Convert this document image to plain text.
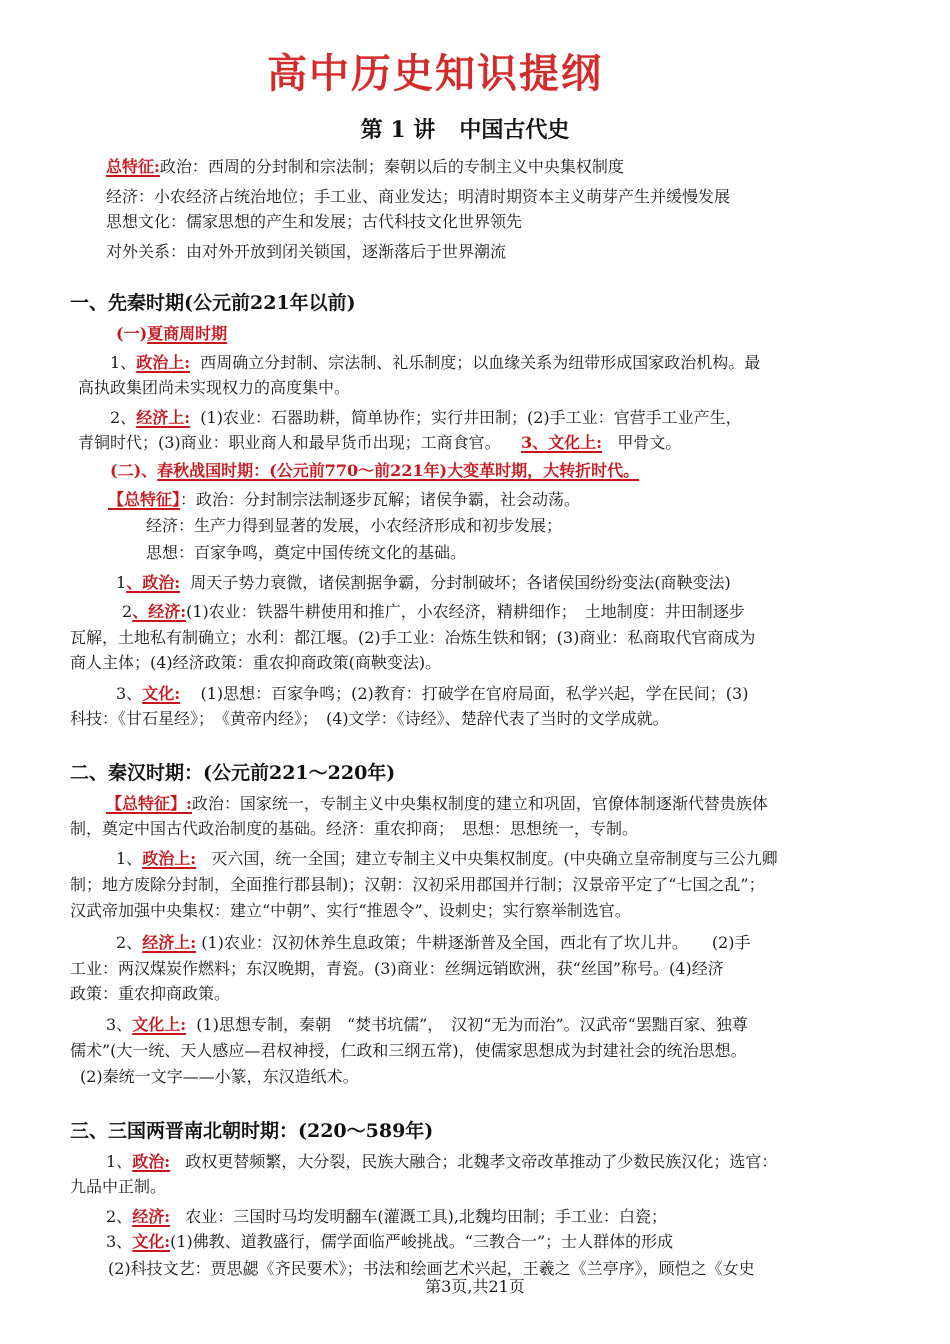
高中历史知识提纲
第 1 讲 中国古代史
总特征:政治：西周的分封制和宗法制；秦朝以后的专制主义中央集权制度
经济：小农经济占统治地位；手工业、商业发达；明清时期资本主义萌芽产生并缓慢发展
思想文化：儒家思想的产生和发展；古代科技文化世界领先
对外关系：由对外开放到闭关锁国，逐渐落后于世界潮流
一、先秦时期(公元前221年以前)
(一)夏商周时期
1、政治上: 西周确立分封制、宗法制、礼乐制度；以血缘关系为纽带形成国家政治机构。最
高执政集团尚未实现权力的高度集中。
2、经济上: (1)农业：石器助耕，简单协作；实行井田制；(2)手工业：官营手工业产生，
青铜时代；(3)商业：职业商人和最早货币出现；工商食官。 3、文化上: 甲骨文。
(二)、春秋战国时期：(公元前770～前221年)大变革时期，大转折时代。
【总特征】：政治：分封制宗法制逐步瓦解；诸侯争霸，社会动荡。
经济：生产力得到显著的发展，小农经济形成和初步发展；
思想：百家争鸣，奠定中国传统文化的基础。
1、政治: 周天子势力衰微，诸侯割据争霸，分封制破坏；各诸侯国纷纷变法(商鞅变法)
2、经济:(1)农业：铁器牛耕使用和推广，小农经济，精耕细作；　土地制度：井田制逐步
瓦解，土地私有制确立；水利：都江堰。(2)手工业：冶炼生铁和钢；(3)商业：私商取代官商成为
商人主体；(4)经济政策：重农抑商政策(商鞅变法)。
3、文化: (1)思想：百家争鸣；(2)教育：打破学在官府局面，私学兴起，学在民间；(3)
科技：《甘石星经》；　《黄帝内经》；　(4)文学：《诗经》、楚辞代表了当时的文学成就。
二、秦汉时期：(公元前221～220年)
【总特征】:政治：国家统一，专制主义中央集权制度的建立和巩固，官僚体制逐渐代替贵族体
制，奠定中国古代政治制度的基础。经济：重农抑商；　思想：思想统一，专制。
1、政治上: 灭六国，统一全国；建立专制主义中央集权制度。(中央确立皇帝制度与三公九卿
制；地方废除分封制，全面推行郡县制)；汉朝：汉初采用郡国并行制；汉景帝平定了“七国之乱”；
汉武帝加强中央集权：建立“中朝”、实行“推恩令”、设刺史；实行察举制选官。
2、经济上: (1)农业：汉初休养生息政策；牛耕逐渐普及全国，西北有了坎儿井。　　(2)手
工业：两汉煤炭作燃料；东汉晚期，青瓷。(3)商业：丝绸远销欧洲，获“丝国”称号。(4)经济
政策：重农抑商政策。
3、文化上: (1)思想专制，秦朝　“焚书坑儒”，　汉初“无为而治”。汉武帝“罢黜百家、独尊
儒术”(大一统、天人感应—君权神授，仁政和三纲五常)，使儒家思想成为封建社会的统治思想。
(2)秦统一文字——小篆，东汉造纸术。
三、三国两晋南北朝时期：(220～589年)
1、政治: 政权更替频繁，大分裂，民族大融合；北魏孝文帝改革推动了少数民族汉化；选官：
九品中正制。
2、经济: 农业：三国时马均发明翻车(灌溉工具),北魏均田制；手工业：白瓷；
3、文化:(1)佛教、道教盛行，儒学面临严峻挑战。“三教合一”；士人群体的形成
(2)科技文艺：贾思勰《齐民要术》；书法和绘画艺术兴起，王羲之《兰亭序》，顾恺之《女史
第3页,共21页
